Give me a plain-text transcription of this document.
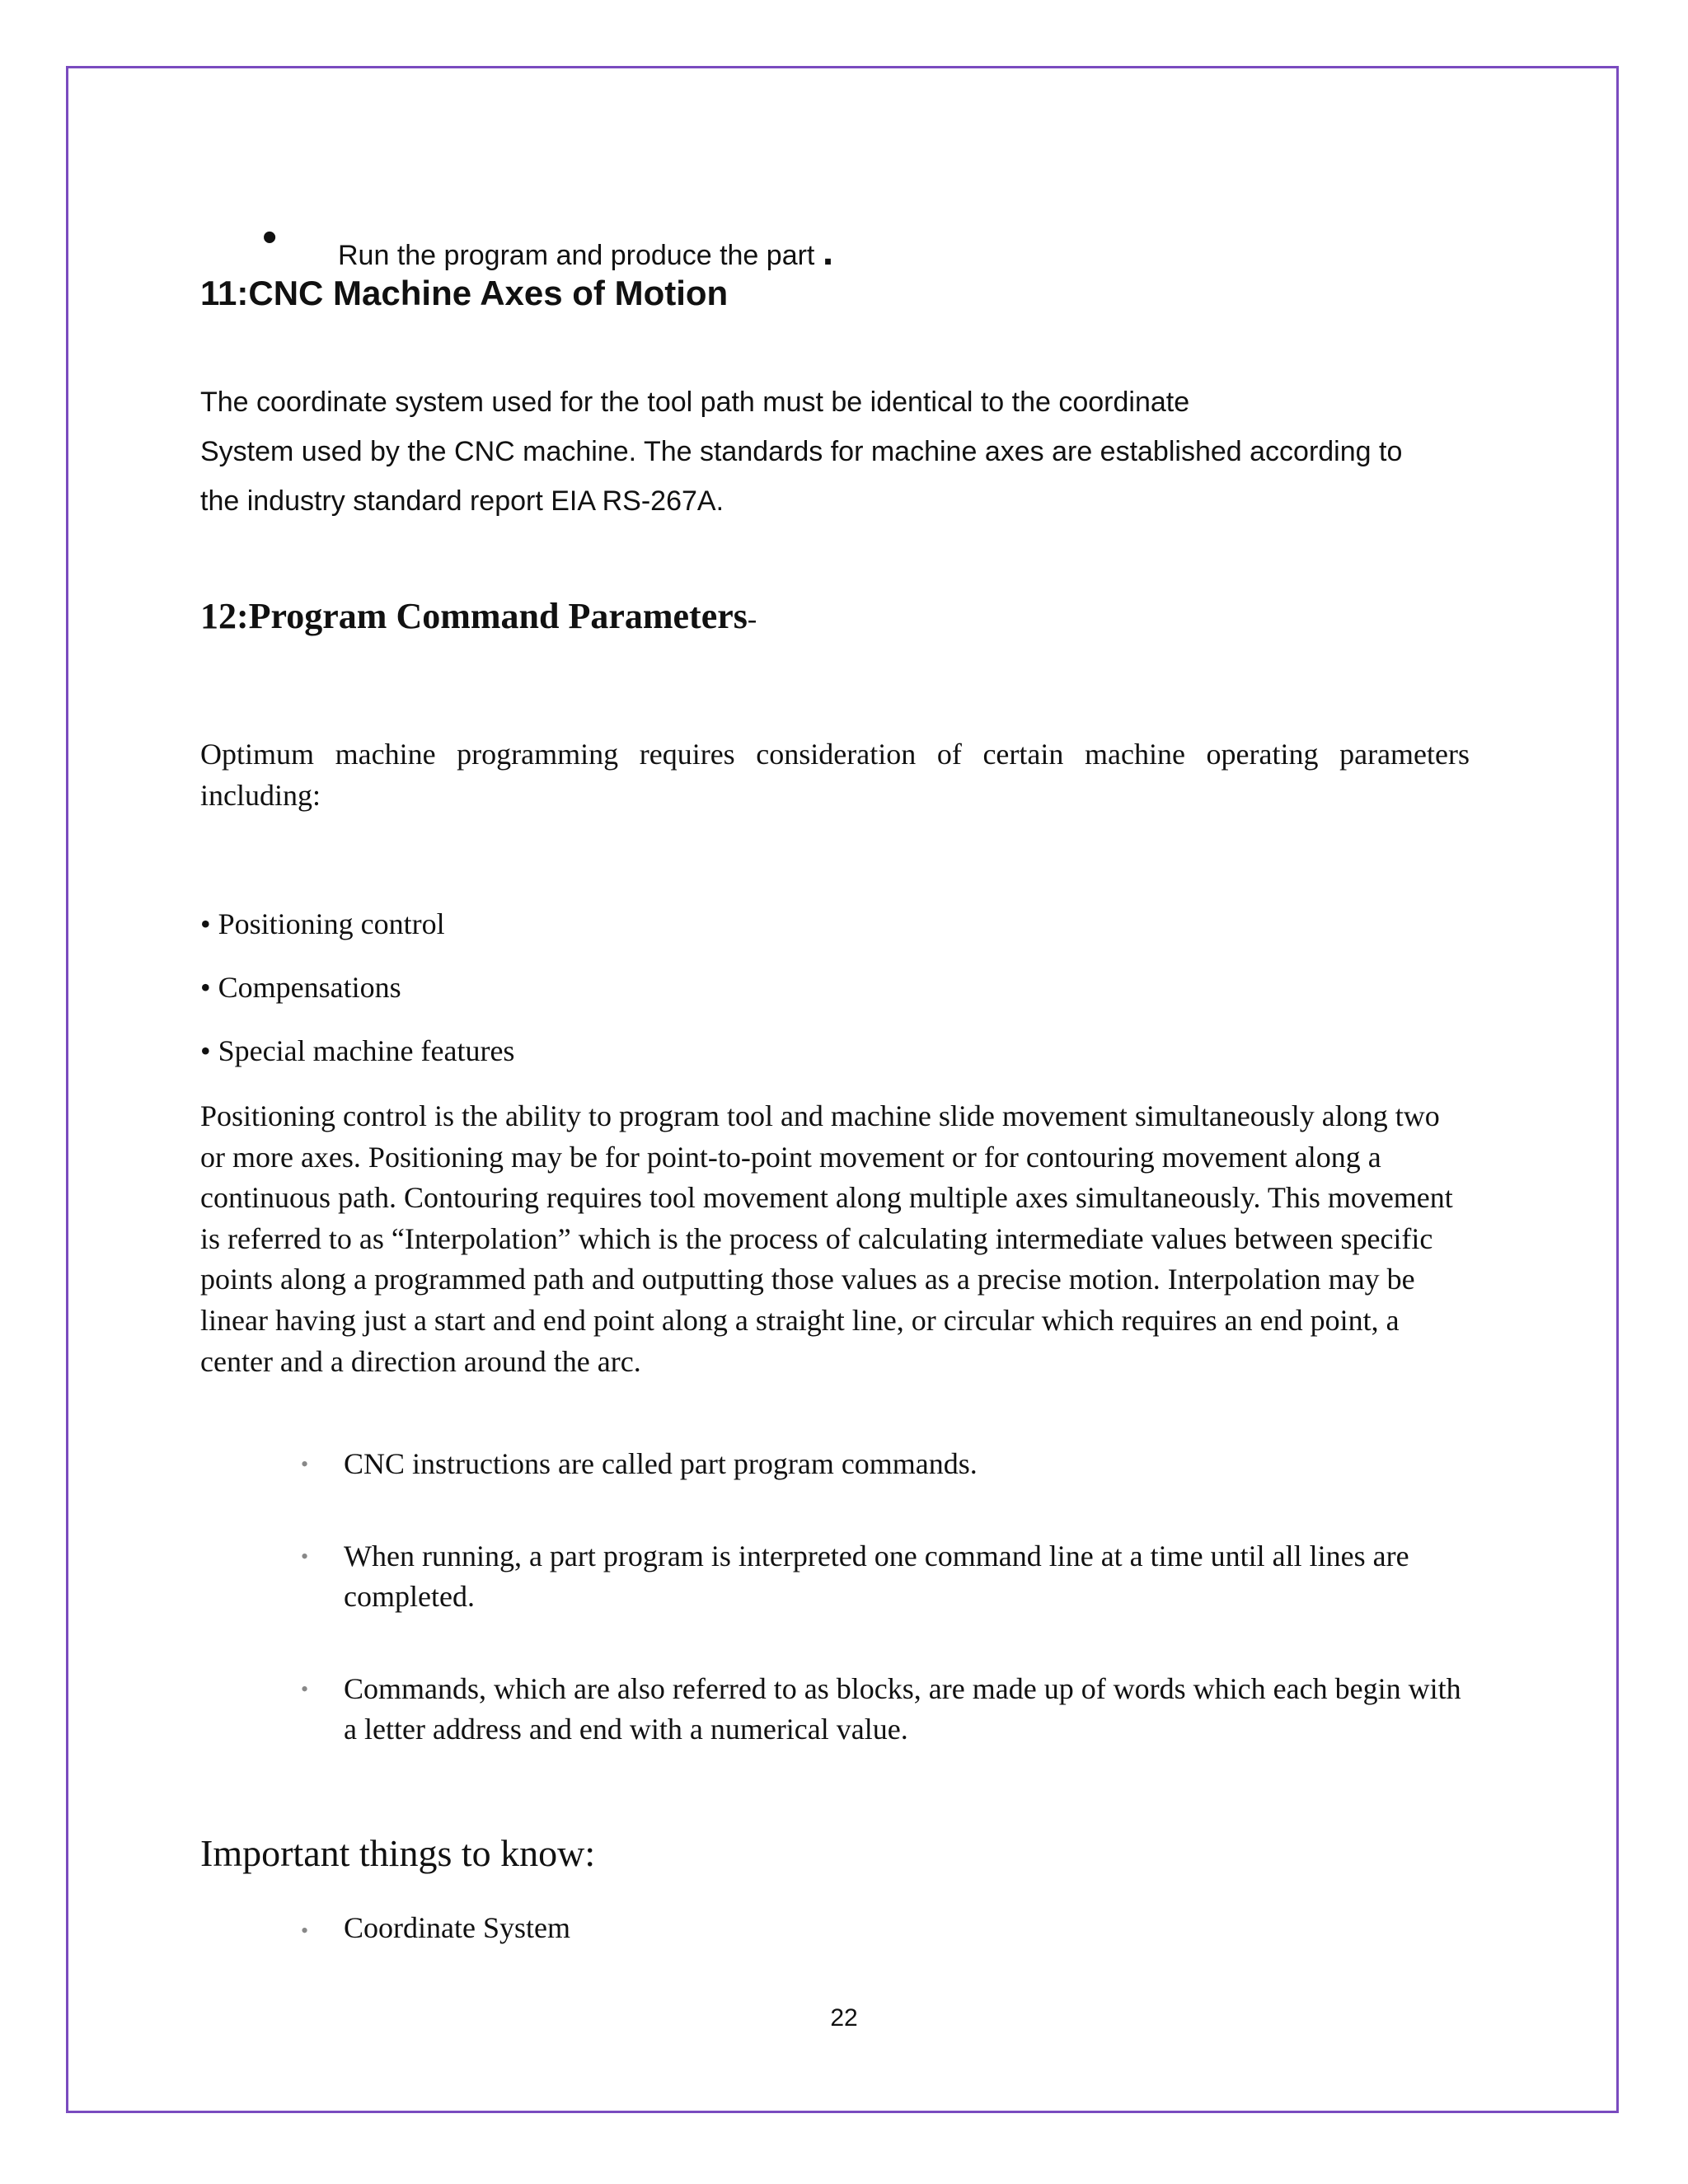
• Run the program and produce the part .
11:CNC Machine Axes of Motion
The coordinate system used for the tool path must be identical to the coordinate
System used by the CNC machine. The standards for machine axes are established according to
the industry standard report EIA RS-267A.
12:Program Command Parameters-

Optimum machine programming requires consideration of certain machine operating parameters including:

• Positioning control
• Compensations
• Special machine features

Positioning control is the ability to program tool and machine slide movement simultaneously along two or more axes. Positioning may be for point-to-point movement or for contouring movement along a continuous path. Contouring requires tool movement along multiple axes simultaneously. This movement is referred to as “Interpolation” which is the process of calculating intermediate values between specific points along a programmed path and outputting those values as a precise motion. Interpolation may be linear having just a start and end point along a straight line, or circular which requires an end point, a center and a direction around the arc.

• CNC instructions are called part program commands.
• When running, a part program is interpreted one command line at a time until all lines are completed.
• Commands, which are also referred to as blocks, are made up of words which each begin with a letter address and end with a numerical value.
Important things to know:
• Coordinate System
22
